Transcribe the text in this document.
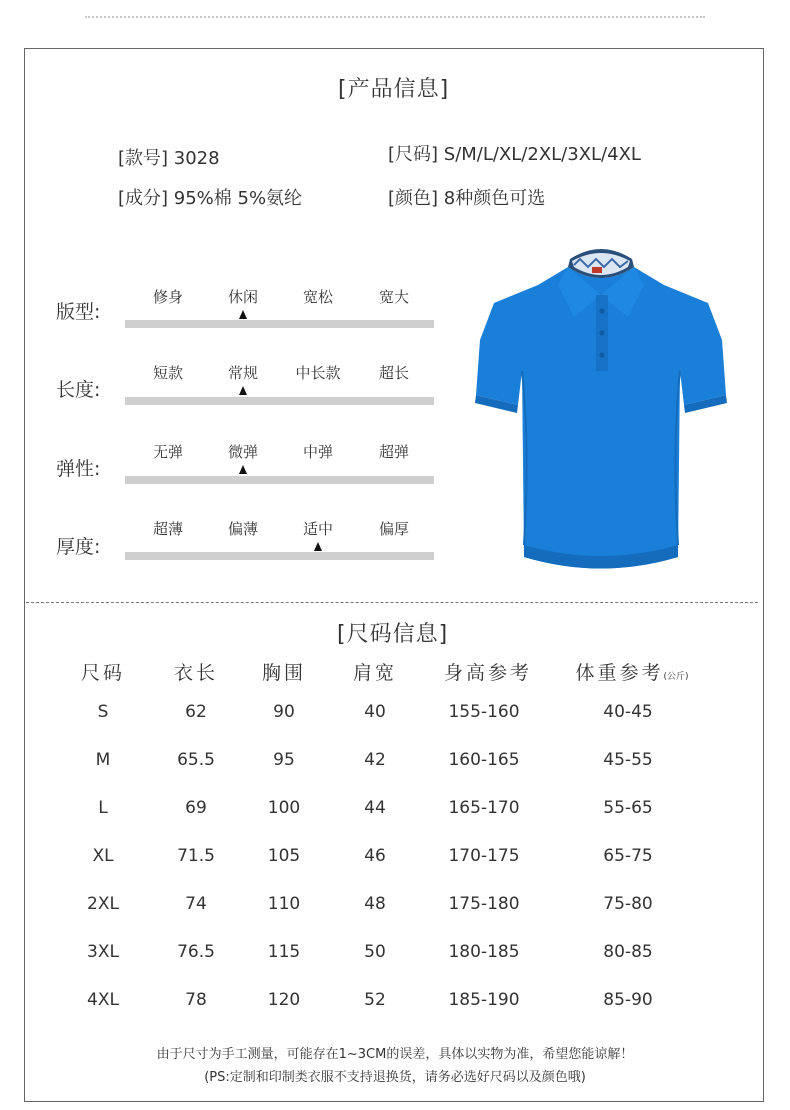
[产品信息]
[款号] 3028	[尺码] S/M/L/XL/2XL/3XL/4XL
[成分] 95%棉 5%氨纶	[颜色] 8种颜色可选
版型:
修身	休闲	宽松	宽大
长度:
短款	常规	中长款	超长
弹性:
无弹	微弹	中弹	超弹
厚度:
超薄	偏薄	适中	偏厚
[尺码信息]
尺码	衣长 胸围 肩宽 身高参考 体重参考(公斤)
S	62	90	40	155-160	40-45
M	65.5	95	42	160-165	45-55
L	69	100	44	165-170	55-65
XL	71.5	105	46	170-175	65-75
2XL	74	110	48	175-180	75-80
3XL	76.5	115	50	180-185	80-85
4XL	78	120	52	185-190	85-90
由于尺寸为手工测量，可能存在1~3CM的误差，具体以实物为准，希望您能谅解！
(PS:定制和印制类衣服不支持退换货，请务必选好尺码以及颜色哦)
